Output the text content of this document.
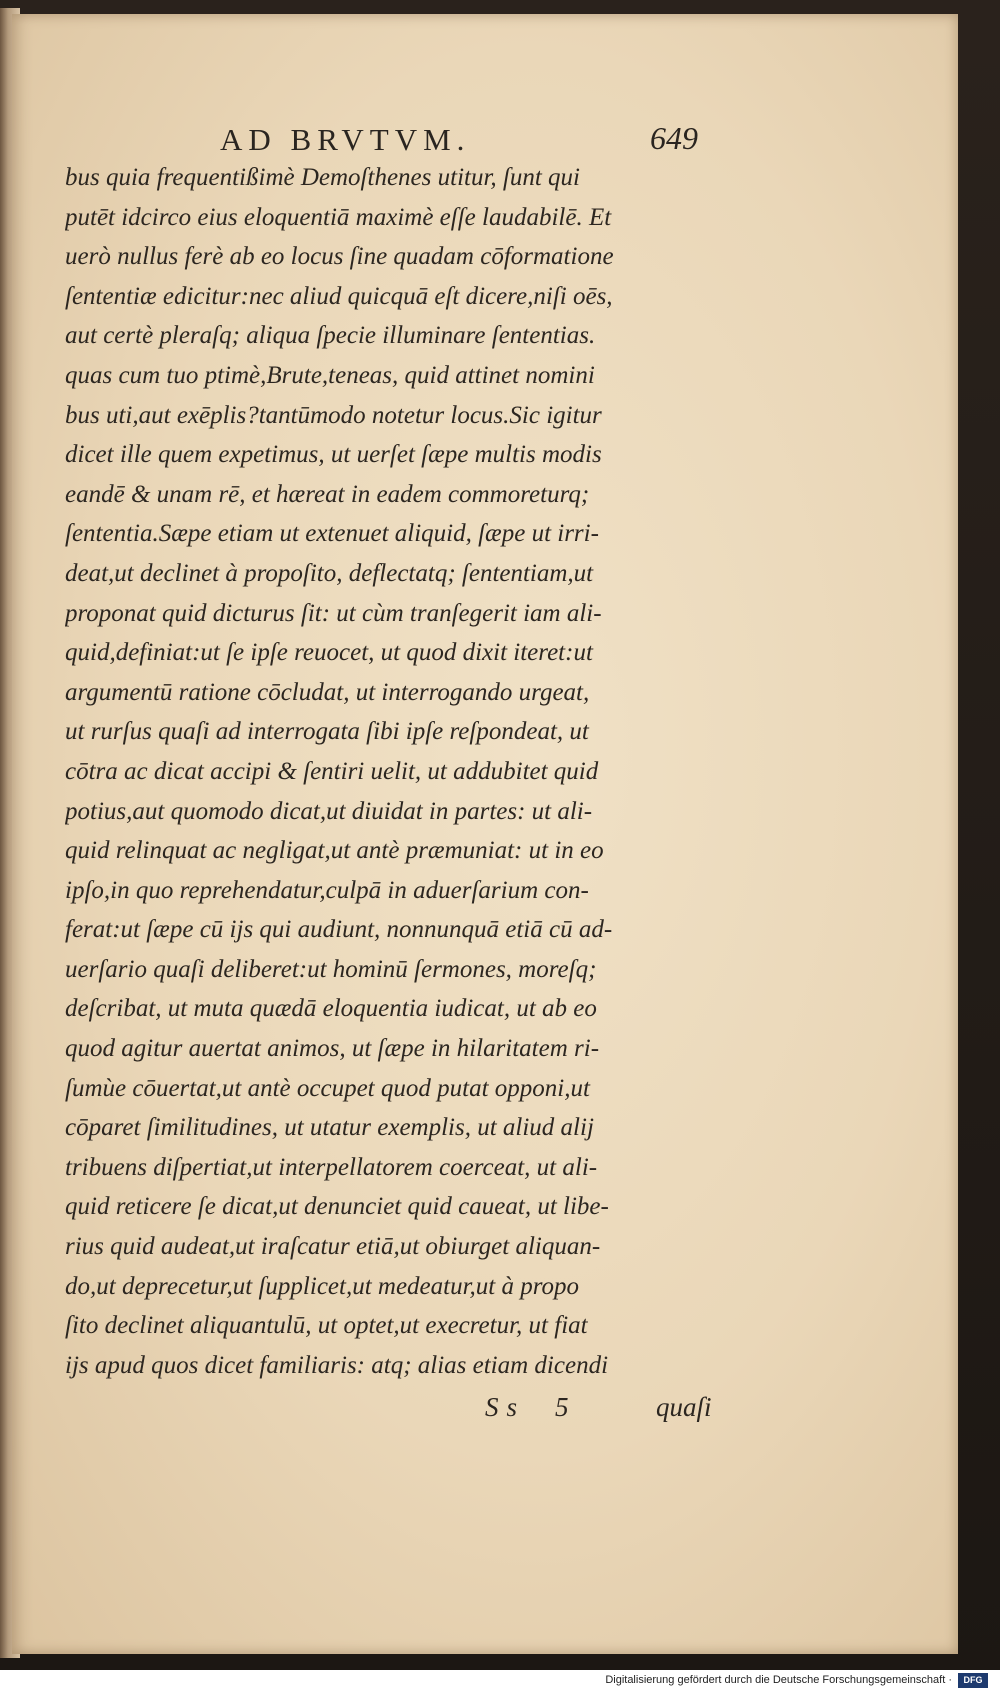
AD BRVTVM.	649
bus quia frequentißimè Demoſthenes utitur, ſunt qui
putēt idcirco eius eloquentiā maximè eſſe laudabilē. Et
uerò nullus ferè ab eo locus ſine quadam cōformatione
ſententiæ edicitur:nec aliud quicquā eſt dicere,niſi oēs,
aut certè pleraſq; aliqua ſpecie illuminare ſententias.
quas cum tuo ptimè,Brute,teneas, quid attinet nomini
bus uti,aut exēplis?tantūmodo notetur locus.Sic igitur
dicet ille quem expetimus, ut uerſet ſæpe multis modis
eandē & unam rē, et hæreat in eadem commoreturq;
ſententia.Sæpe etiam ut extenuet aliquid, ſæpe ut irri-
deat,ut declinet à propoſito, deflectatq; ſententiam,ut
proponat quid dicturus ſit: ut cùm tranſegerit iam ali-
quid,definiat:ut ſe ipſe reuocet, ut quod dixit iteret:ut
argumentū ratione cōcludat, ut interrogando urgeat,
ut rurſus quaſi ad interrogata ſibi ipſe reſpondeat, ut
cōtra ac dicat accipi & ſentiri uelit, ut addubitet quid
potius,aut quomodo dicat,ut diuidat in partes: ut ali-
quid relinquat ac negligat,ut antè præmuniat: ut in eo
ipſo,in quo reprehendatur,culpā in aduerſarium con-
ferat:ut ſæpe cū ijs qui audiunt, nonnunquā etiā cū ad-
uerſario quaſi deliberet:ut hominū ſermones, moreſq;
deſcribat, ut muta quædā eloquentia iudicat, ut ab eo
quod agitur auertat animos, ut ſæpe in hilaritatem ri-
ſumùe cōuertat,ut antè occupet quod putat opponi,ut
cōparet ſimilitudines, ut utatur exemplis, ut aliud alij
tribuens diſpertiat,ut interpellatorem coerceat, ut ali-
quid reticere ſe dicat,ut denunciet quid caueat, ut libe-
rius quid audeat,ut iraſcatur etiā,ut obiurget aliquan-
do,ut deprecetur,ut ſupplicet,ut medeatur,ut à propo
ſito declinet aliquantulū, ut optet,ut execretur, ut fiat
ijs apud quos dicet familiaris: atq; alias etiam dicendi
Ss 5	quaſi
Digitalisierung gefördert durch die Deutsche Forschungsgemeinschaft ·	DFG
